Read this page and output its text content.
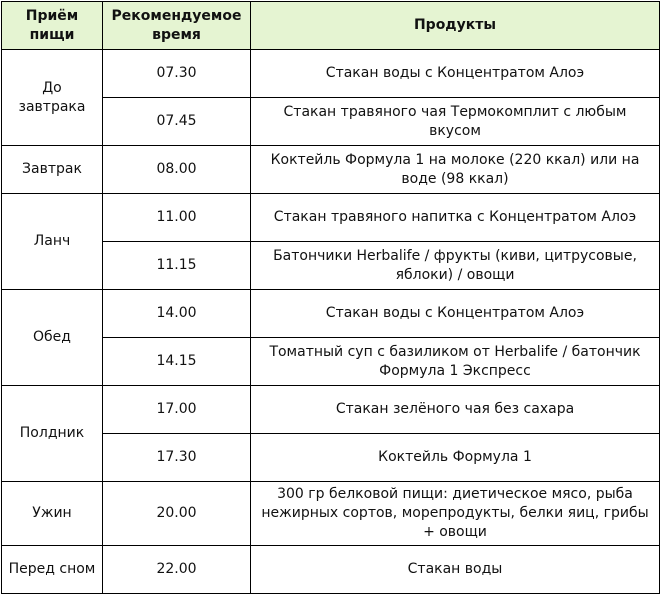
Приём пищи	Рекомендуемое время	Продукты
До завтрака	07.30	Стакан воды с Концентратом Алоэ
	07.45	Стакан травяного чая Термокомплит с любым вкусом
Завтрак	08.00	Коктейль Формула 1 на молоке (220 ккал) или на воде (98 ккал)
Ланч	11.00	Стакан травяного напитка с Концентратом Алоэ
	11.15	Батончики Herbalife / фрукты (киви, цитрусовые, яблоки) / овощи
Обед	14.00	Стакан воды с Концентратом Алоэ
	14.15	Томатный суп с базиликом от Herbalife / батончик Формула 1 Экспресс
Полдник	17.00	Стакан зелёного чая без сахара
	17.30	Коктейль Формула 1
Ужин	20.00	300 гр белковой пищи: диетическое мясо, рыба нежирных сортов, морепродукты, белки яиц, грибы + овощи
Перед сном	22.00	Стакан воды
